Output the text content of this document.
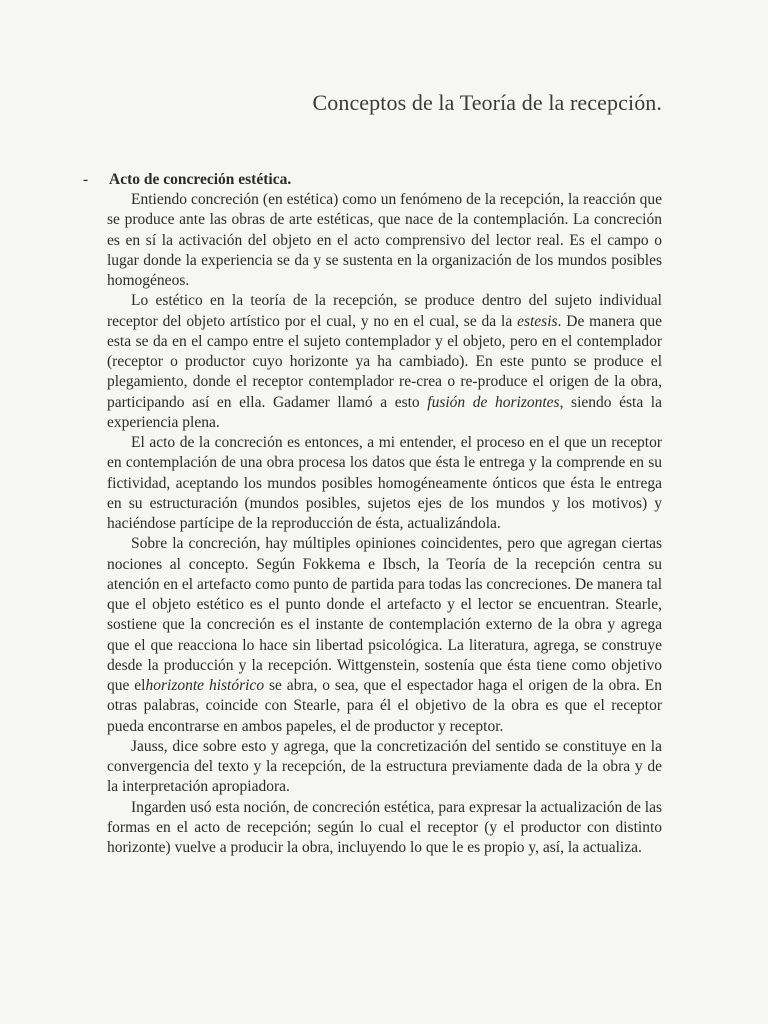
Conceptos de la Teoría de la recepción.
- Acto de concreción estética.

Entiendo concreción (en estética) como un fenómeno de la recepción, la reacción que se produce ante las obras de arte estéticas, que nace de la contemplación. La concreción es en sí la activación del objeto en el acto comprensivo del lector real. Es el campo o lugar donde la experiencia se da y se sustenta en la organización de los mundos posibles homogéneos.

Lo estético en la teoría de la recepción, se produce dentro del sujeto individual receptor del objeto artístico por el cual, y no en el cual, se da la estesis. De manera que esta se da en el campo entre el sujeto contemplador y el objeto, pero en el contemplador (receptor o productor cuyo horizonte ya ha cambiado). En este punto se produce el plegamiento, donde el receptor contemplador re-crea o re-produce el origen de la obra, participando así en ella. Gadamer llamó a esto fusión de horizontes, siendo ésta la experiencia plena.

El acto de la concreción es entonces, a mi entender, el proceso en el que un receptor en contemplación de una obra procesa los datos que ésta le entrega y la comprende en su fictividad, aceptando los mundos posibles homogéneamente ónticos que ésta le entrega en su estructuración (mundos posibles, sujetos ejes de los mundos y los motivos) y haciéndose partícipe de la reproducción de ésta, actualizándola.

Sobre la concreción, hay múltiples opiniones coincidentes, pero que agregan ciertas nociones al concepto. Según Fokkema e Ibsch, la Teoría de la recepción centra su atención en el artefacto como punto de partida para todas las concreciones. De manera tal que el objeto estético es el punto donde el artefacto y el lector se encuentran. Stearle, sostiene que la concreción es el instante de contemplación externo de la obra y agrega que el que reacciona lo hace sin libertad psicológica. La literatura, agrega, se construye desde la producción y la recepción. Wittgenstein, sostenía que ésta tiene como objetivo que elhorizonte histórico se abra, o sea, que el espectador haga el origen de la obra. En otras palabras, coincide con Stearle, para él el objetivo de la obra es que el receptor pueda encontrarse en ambos papeles, el de productor y receptor.

Jauss, dice sobre esto y agrega, que la concretización del sentido se constituye en la convergencia del texto y la recepción, de la estructura previamente dada de la obra y de la interpretación apropiadora.

Ingarden usó esta noción, de concreción estética, para expresar la actualización de las formas en el acto de recepción; según lo cual el receptor (y el productor con distinto horizonte) vuelve a producir la obra, incluyendo lo que le es propio y, así, la actualiza.
